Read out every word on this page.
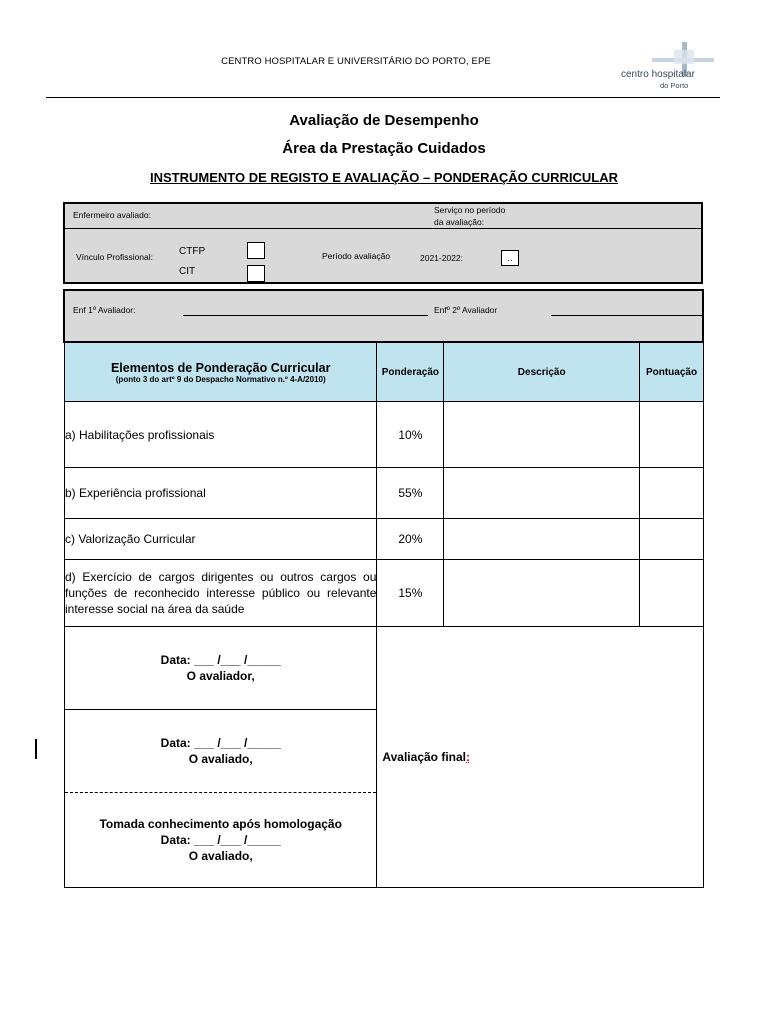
CENTRO HOSPITALAR E UNIVERSITÁRIO DO PORTO, EPE
centro hospitalar
do Porto
Avaliação de Desempenho
Área da Prestação Cuidados
INSTRUMENTO DE REGISTO E AVALIAÇÃO – PONDERAÇÃO CURRICULAR
Enfermeiro avaliado:	Serviço no período
da avaliação:
Vínculo Profissional:	CTFP
CIT
Período avaliação	2021-2022:	..
Enf 1º Avaliador:	Enfº 2º Avaliador
Elementos de Ponderação Curricular
(ponto 3 do artº 9 do Despacho Normativo n.º 4-A/2010)	Ponderação	Descrição	Pontuação
a) Habilitações profissionais	10%		
b) Experiência profissional	55%		
c) Valorização Curricular	20%		
d) Exercício de cargos dirigentes ou outros cargos ou funções de reconhecido interesse público ou relevante interesse social na área da saúde	15%		

Data: ___ /___ /_____
O avaliador,	Avaliação final:		

Data: ___ /___ /_____
O avaliado,			

Tomada conhecimento após homologação
Data: ___ /___ /_____
O avaliado,			
